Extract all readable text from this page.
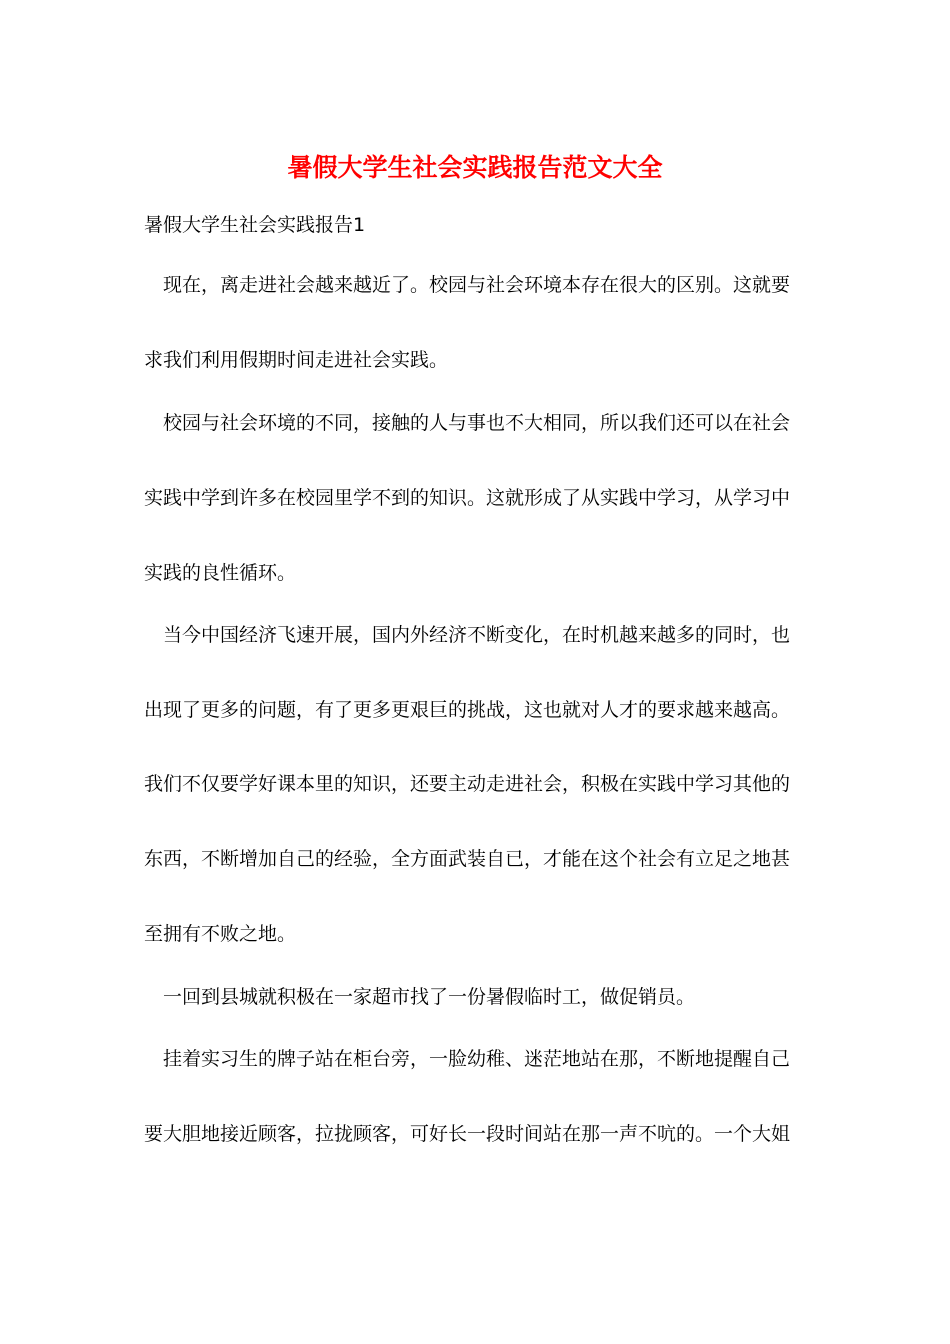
暑假大学生社会实践报告范文大全
暑假大学生社会实践报告1
现在，离走进社会越来越近了。校园与社会环境本存在很大的区别。这就要
求我们利用假期时间走进社会实践。
校园与社会环境的不同，接触的人与事也不大相同，所以我们还可以在社会
实践中学到许多在校园里学不到的知识。这就形成了从实践中学习，从学习中
实践的良性循环。
当今中国经济飞速开展，国内外经济不断变化，在时机越来越多的同时，也
出现了更多的问题，有了更多更艰巨的挑战，这也就对人才的要求越来越高。
我们不仅要学好课本里的知识，还要主动走进社会，积极在实践中学习其他的
东西，不断增加自己的经验，全方面武装自已，才能在这个社会有立足之地甚
至拥有不败之地。
一回到县城就积极在一家超市找了一份暑假临时工，做促销员。
挂着实习生的牌子站在柜台旁，一脸幼稚、迷茫地站在那，不断地提醒自己
要大胆地接近顾客，拉拢顾客，可好长一段时间站在那一声不吭的。一个大姐
